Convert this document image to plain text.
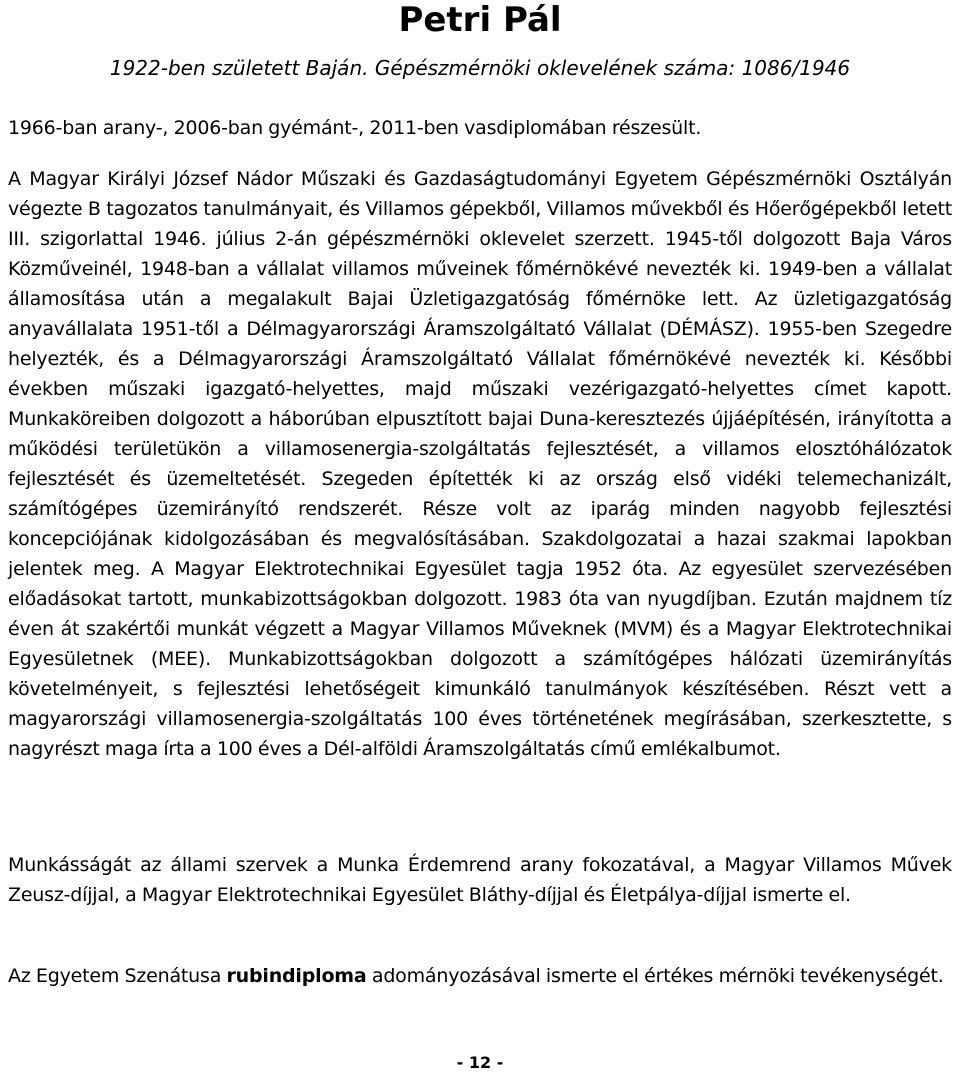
Petri Pál

1922-ben született Baján. Gépészmérnöki oklevelének száma: 1086/1946

1966-ban arany-, 2006-ban gyémánt-, 2011-ben vasdiplomában részesült.

A Magyar Királyi József Nádor Műszaki és Gazdaságtudományi Egyetem Gépészmérnöki Osztályán végezte B tagozatos tanulmányait, és Villamos gépekből, Villamos művekből és Hőerőgépekből letett III. szigorlattal 1946. július 2-án gépészmérnöki oklevelet szerzett. 1945-től dolgozott Baja Város Közműveinél, 1948-ban a vállalat villamos műveinek főmérnökévé nevezték ki. 1949-ben a vállalat államosítása után a megalakult Bajai Üzletigazgatóság főmérnöke lett. Az üzletigazgatóság anyavállalata 1951-től a Délmagyarországi Áramszolgáltató Vállalat (DÉMÁSZ). 1955-ben Szegedre helyezték, és a Délmagyarországi Áramszolgáltató Vállalat főmérnökévé nevezték ki. Későbbi években műszaki igazgató-helyettes, majd műszaki vezérigazgató-helyettes címet kapott. Munkaköreiben dolgozott a háborúban elpusztított bajai Duna-keresztezés újjáépítésén, irányította a működési területükön a villamosenergia-szolgáltatás fejlesztését, a villamos elosztóhálózatok fejlesztését és üzemeltetését. Szegeden építették ki az ország első vidéki telemechanizált, számítógépes üzemirányító rendszerét. Része volt az iparág minden nagyobb fejlesztési koncepciójának kidolgozásában és megvalósításában. Szakdolgozatai a hazai szakmai lapokban jelentek meg. A Magyar Elektrotechnikai Egyesület tagja 1952 óta. Az egyesület szervezésében előadásokat tartott, munkabizottságokban dolgozott. 1983 óta van nyugdíjban. Ezután majdnem tíz éven át szakértői munkát végzett a Magyar Villamos Műveknek (MVM) és a Magyar Elektrotechnikai Egyesületnek (MEE). Munkabizottságokban dolgozott a számítógépes hálózati üzemirányítás követelményeit, s fejlesztési lehetőségeit kimunkáló tanulmányok készítésében. Részt vett a magyarországi villamosenergia-szolgáltatás 100 éves történetének megírásában, szerkesztette, s nagyrészt maga írta a 100 éves a Dél-alföldi Áramszolgáltatás című emlékalbumot.

Munkásságát az állami szervek a Munka Érdemrend arany fokozatával, a Magyar Villamos Művek Zeusz-díjjal, a Magyar Elektrotechnikai Egyesület Bláthy-díjjal és Életpálya-díjjal ismerte el.

Az Egyetem Szenátusa rubindiploma adományozásával ismerte el értékes mérnöki tevékenységét.

- 12 -
